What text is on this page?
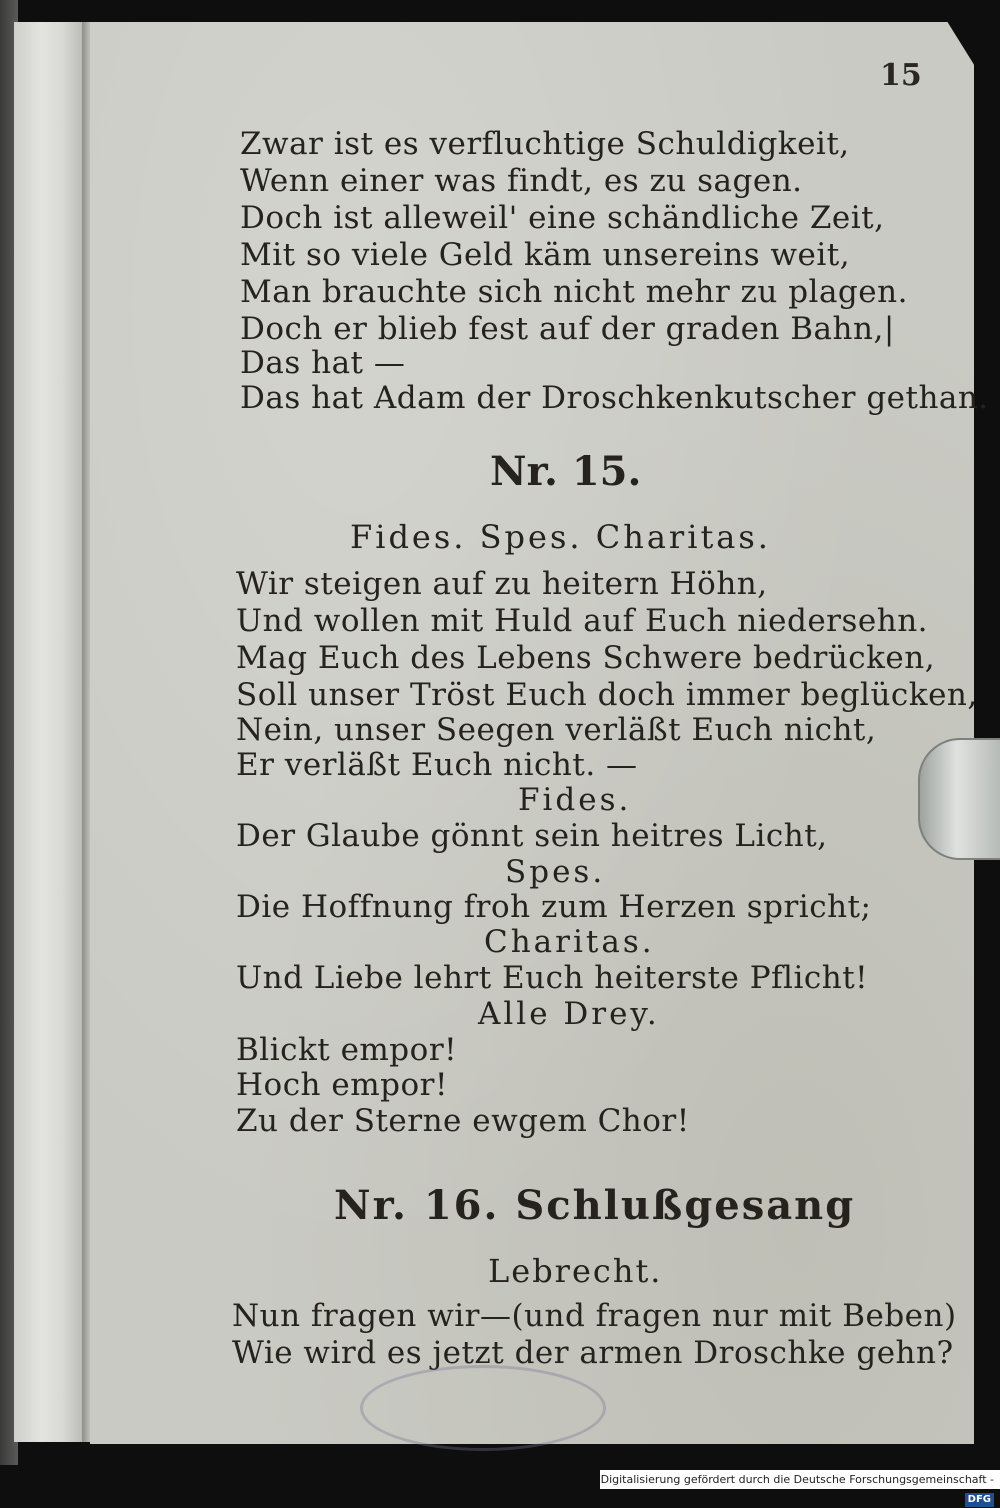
15
Zwar ist es verfluchtige Schuldigkeit,
Wenn einer was findt, es zu sagen.
Doch ist alleweil' eine schändliche Zeit,
Mit so viele Geld käm unsereins weit,
Man brauchte sich nicht mehr zu plagen.
Doch er blieb fest auf der graden Bahn,|
Das hat —
Das hat Adam der Droschkenkutscher gethan.
Nr. 15.
Fides. Spes. Charitas.
Wir steigen auf zu heitern Höhn,
Und wollen mit Huld auf Euch niedersehn.
Mag Euch des Lebens Schwere bedrücken,
Soll unser Tröst Euch doch immer beglücken,
Nein, unser Seegen verläßt Euch nicht,
Er verläßt Euch nicht. —
Fides.
Der Glaube gönnt sein heitres Licht,
Spes.
Die Hoffnung froh zum Herzen spricht;
Charitas.
Und Liebe lehrt Euch heiterste Pflicht!
Alle Drey.
Blickt empor!
Hoch empor!
Zu der Sterne ewgem Chor!
Nr. 16. Schlußgesang
Lebrecht.
Nun fragen wir—(und fragen nur mit Beben)
Wie wird es jetzt der armen Droschke gehn?
Digitalisierung gefördert durch die Deutsche Forschungsgemeinschaft -DFG
